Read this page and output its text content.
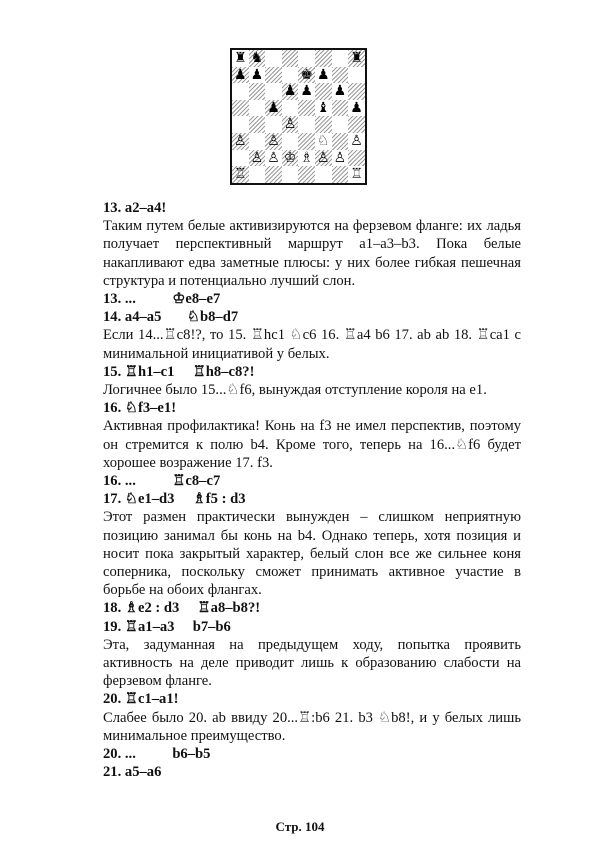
♜ ♞	♜
♟ ♟	♚ ♟
♟ ♟ ♟
♟	♝ ♟
♙
♙ ♙	♘ ♙
♙ ♙ ♔ ♗ ♙ ♙
♖	♖

13. a2–a4!

Таким путем белые активизируются на ферзевом фланге: их ладья получает перспективный маршрут a1–a3–b3. Пока белые накапливают едва заметные плюсы: у них более гибкая пешечная структура и потенциально лучший слон.

13. ...          ♔e8–e7

14. a4–a5       ♘b8–d7

Если 14...♖c8!?, то 15. ♖hc1 ♘c6 16. ♖a4 b6 17. ab ab 18. ♖ca1 с минимальной инициативой у белых.

15. ♖h1–c1     ♖h8–c8?!

Логичнее было 15...♘f6, вынуждая отступление короля на e1.

16. ♘f3–e1!

Активная профилактика! Конь на f3 не имел перспектив, поэтому он стремится к полю b4. Кроме того, теперь на 16...♘f6 будет хорошее возражение 17. f3.

16. ...          ♖c8–c7

17. ♘e1–d3     ♗f5 : d3

Этот размен практически вынужден – слишком неприятную позицию занимал бы конь на b4. Однако теперь, хотя позиция и носит пока закрытый характер, белый слон все же сильнее коня соперника, поскольку сможет принимать активное участие в борьбе на обоих флангах.

18. ♗e2 : d3     ♖a8–b8?!

19. ♖a1–a3     b7–b6

Эта, задуманная на предыдущем ходу, попытка проявить активность на деле приводит лишь к образованию слабости на ферзевом фланге.

20. ♖c1–a1!

Слабее было 20. ab ввиду 20...♖:b6 21. b3 ♘b8!, и у белых лишь минимальное преимущество.

20. ...          b6–b5

21. a5–a6

Стр. 104
